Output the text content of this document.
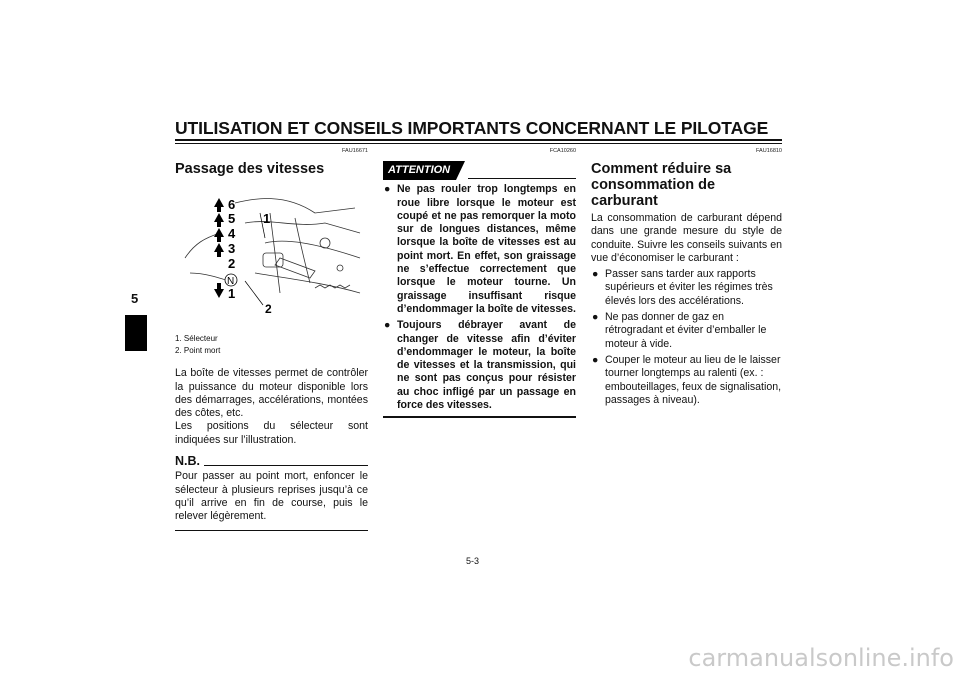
UTILISATION ET CONSEILS IMPORTANTS CONCERNANT LE PILOTAGE
5
FAU16671
Passage des vitesses
6
5
4
3
2
1
1
2
N
1. Sélecteur
2. Point mort
La boîte de vitesses permet de contrôler la puissance du moteur disponible lors des démarrages, accélérations, montées des côtes, etc.
Les positions du sélecteur sont indiquées sur l’illustration.
N.B.
Pour passer au point mort, enfoncer le sélecteur à plusieurs reprises jusqu’à ce qu’il arrive en fin de course, puis le relever légèrement.
FCA10260
ATTENTION
● Ne pas rouler trop longtemps en roue libre lorsque le moteur est coupé et ne pas remorquer la moto sur de longues distances, même lorsque la boîte de vitesses est au point mort. En effet, son graissage ne s’effectue correctement que lorsque le moteur tourne. Un graissage insuffisant risque d’endommager la boîte de vitesses.
● Toujours débrayer avant de changer de vitesse afin d’éviter d’endommager le moteur, la boîte de vitesses et la transmission, qui ne sont pas conçus pour résister au choc infligé par un passage en force des vitesses.
FAU16810
Comment réduire sa consommation de carburant
La consommation de carburant dépend dans une grande mesure du style de conduite. Suivre les conseils suivants en vue d’économiser le carburant :
● Passer sans tarder aux rapports supérieurs et éviter les régimes très élevés lors des accélérations.
● Ne pas donner de gaz en rétrogradant et éviter d’emballer le moteur à vide.
● Couper le moteur au lieu de le laisser tourner longtemps au ralenti (ex. : embouteillages, feux de signalisation, passages à niveau).
5-3
carmanualsonline.info
